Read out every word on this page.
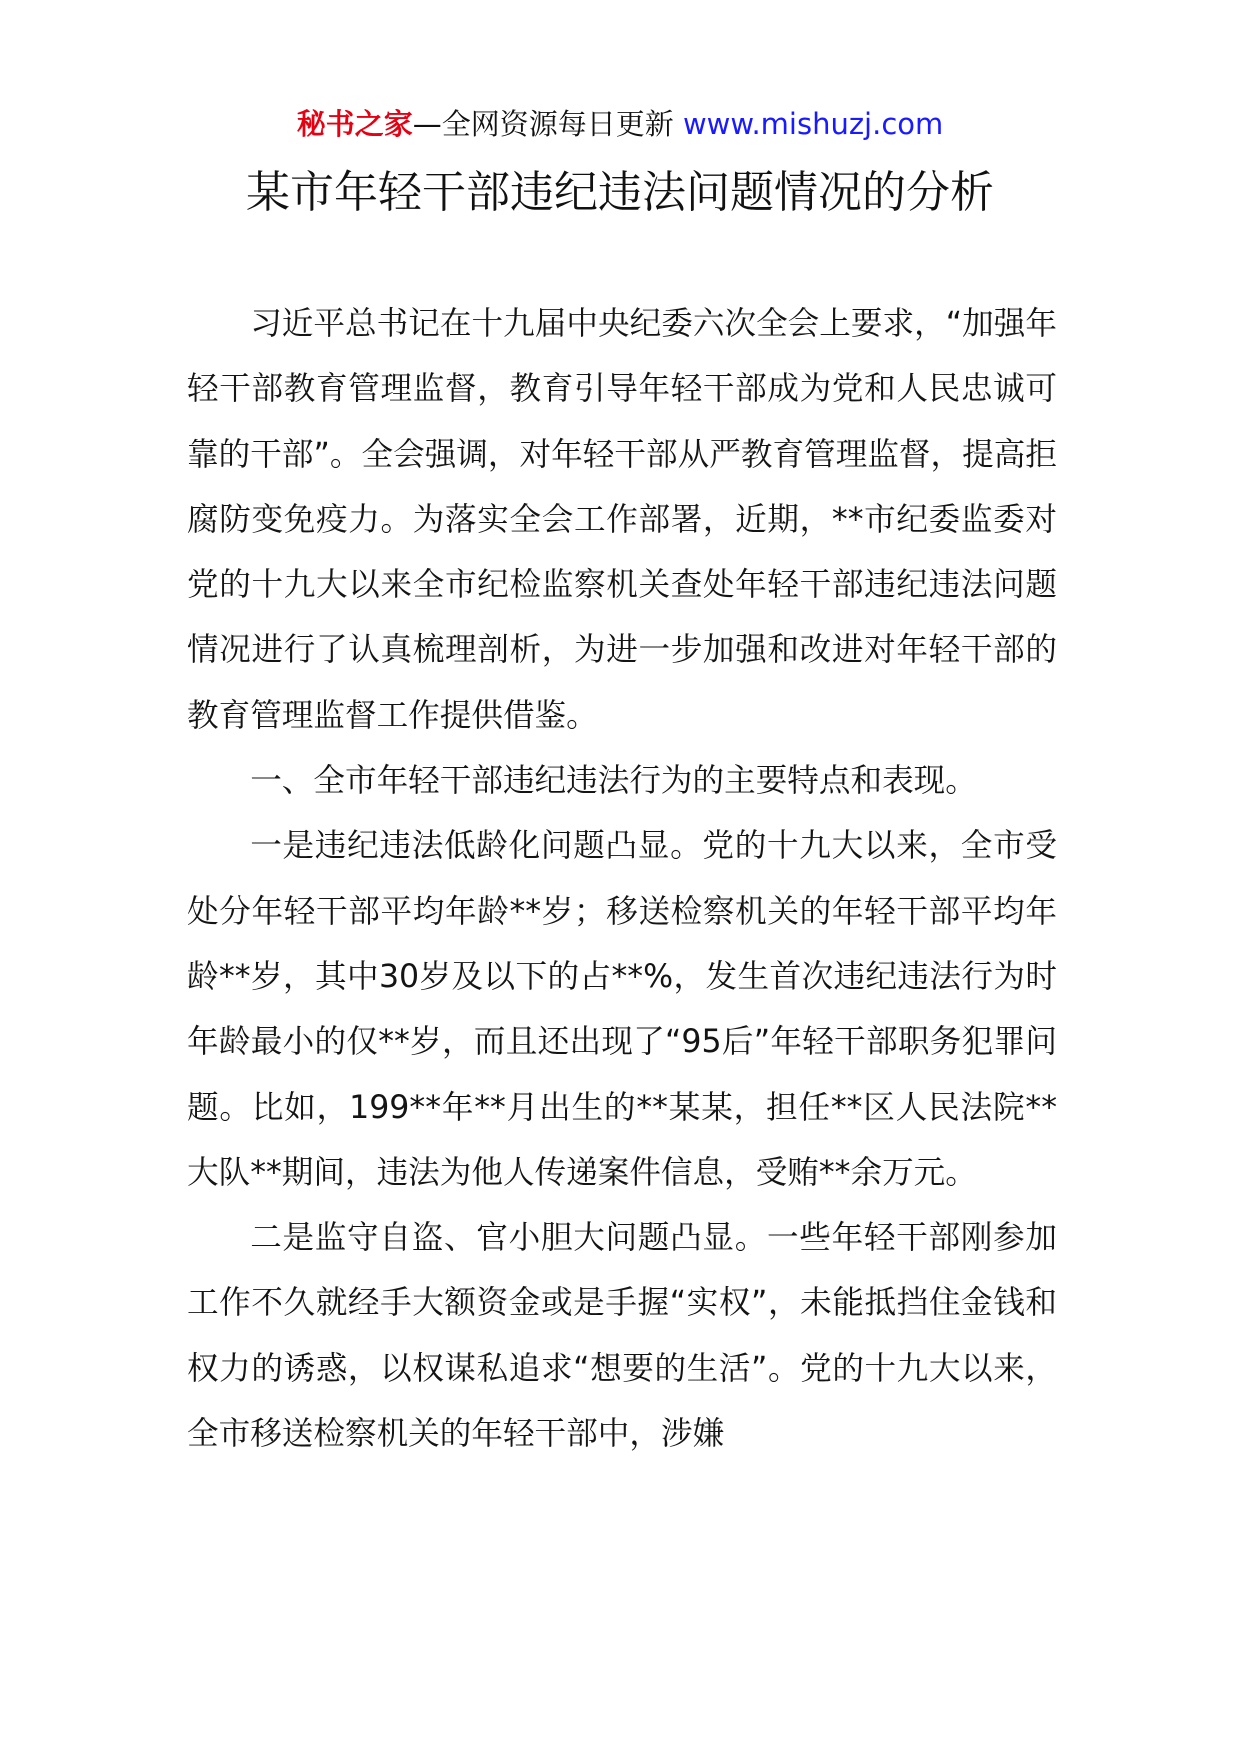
秘书之家—全网资源每日更新 www.mishuzj.com
某市年轻干部违纪违法问题情况的分析

习近平总书记在十九届中央纪委六次全会上要求，“加强年轻干部教育管理监督，教育引导年轻干部成为党和人民忠诚可靠的干部”。全会强调，对年轻干部从严教育管理监督，提高拒腐防变免疫力。为落实全会工作部署，近期，**市纪委监委对党的十九大以来全市纪检监察机关查处年轻干部违纪违法问题情况进行了认真梳理剖析，为进一步加强和改进对年轻干部的教育管理监督工作提供借鉴。

一、全市年轻干部违纪违法行为的主要特点和表现。

一是违纪违法低龄化问题凸显。党的十九大以来，全市受处分年轻干部平均年龄**岁；移送检察机关的年轻干部平均年龄**岁，其中30岁及以下的占**%，发生首次违纪违法行为时年龄最小的仅**岁，而且还出现了“95后”年轻干部职务犯罪问题。比如，199**年**月出生的**某某，担任**区人民法院**大队**期间，违法为他人传递案件信息，受贿**余万元。

二是监守自盗、官小胆大问题凸显。一些年轻干部刚参加工作不久就经手大额资金或是手握“实权”，未能抵挡住金钱和权力的诱惑，以权谋私追求“想要的生活”。党的十九大以来，全市移送检察机关的年轻干部中，涉嫌
